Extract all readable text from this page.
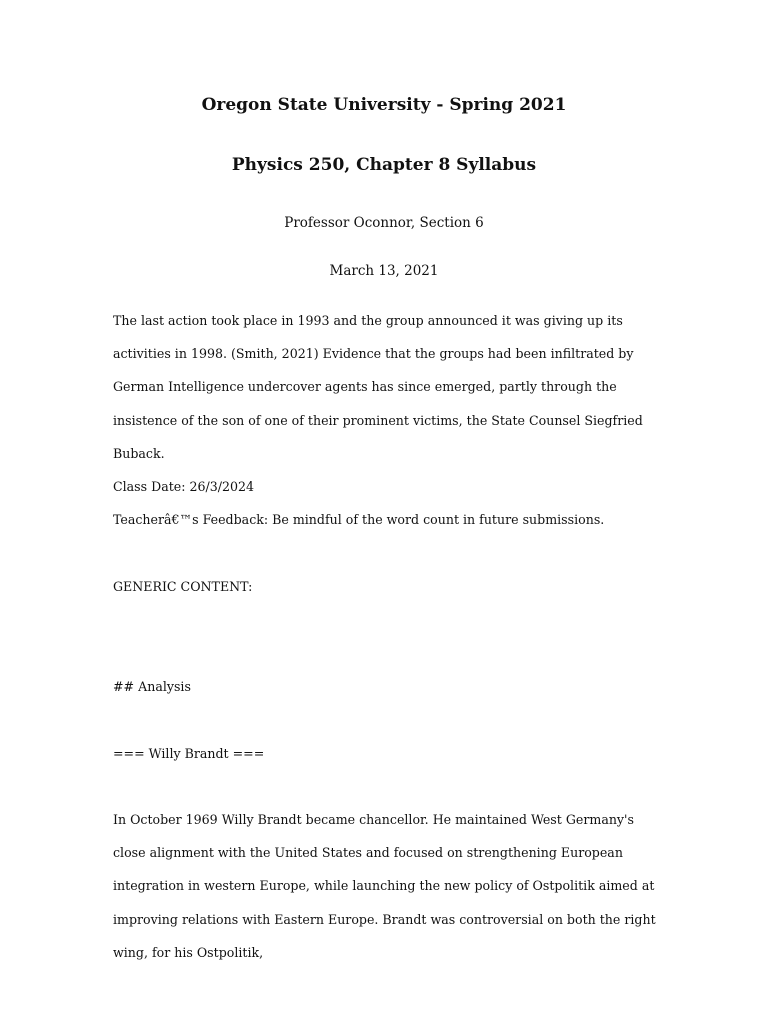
Oregon State University - Spring 2021
Physics 250, Chapter 8 Syllabus

Professor Oconnor, Section 6

March 13, 2021

The last action took place in 1993 and the group announced it was giving up its activities in 1998. (Smith, 2021) Evidence that the groups had been infiltrated by German Intelligence undercover agents has since emerged, partly through the insistence of the son of one of their prominent victims, the State Counsel Siegfried Buback.

Class Date: 26/3/2024

Teacherâ€™s Feedback: Be mindful of the word count in future submissions.

GENERIC CONTENT:

## Analysis

=== Willy Brandt ===

In October 1969 Willy Brandt became chancellor. He maintained West Germany's close alignment with the United States and focused on strengthening European integration in western Europe, while launching the new policy of Ostpolitik aimed at improving relations with Eastern Europe. Brandt was controversial on both the right wing, for his Ostpolitik,
